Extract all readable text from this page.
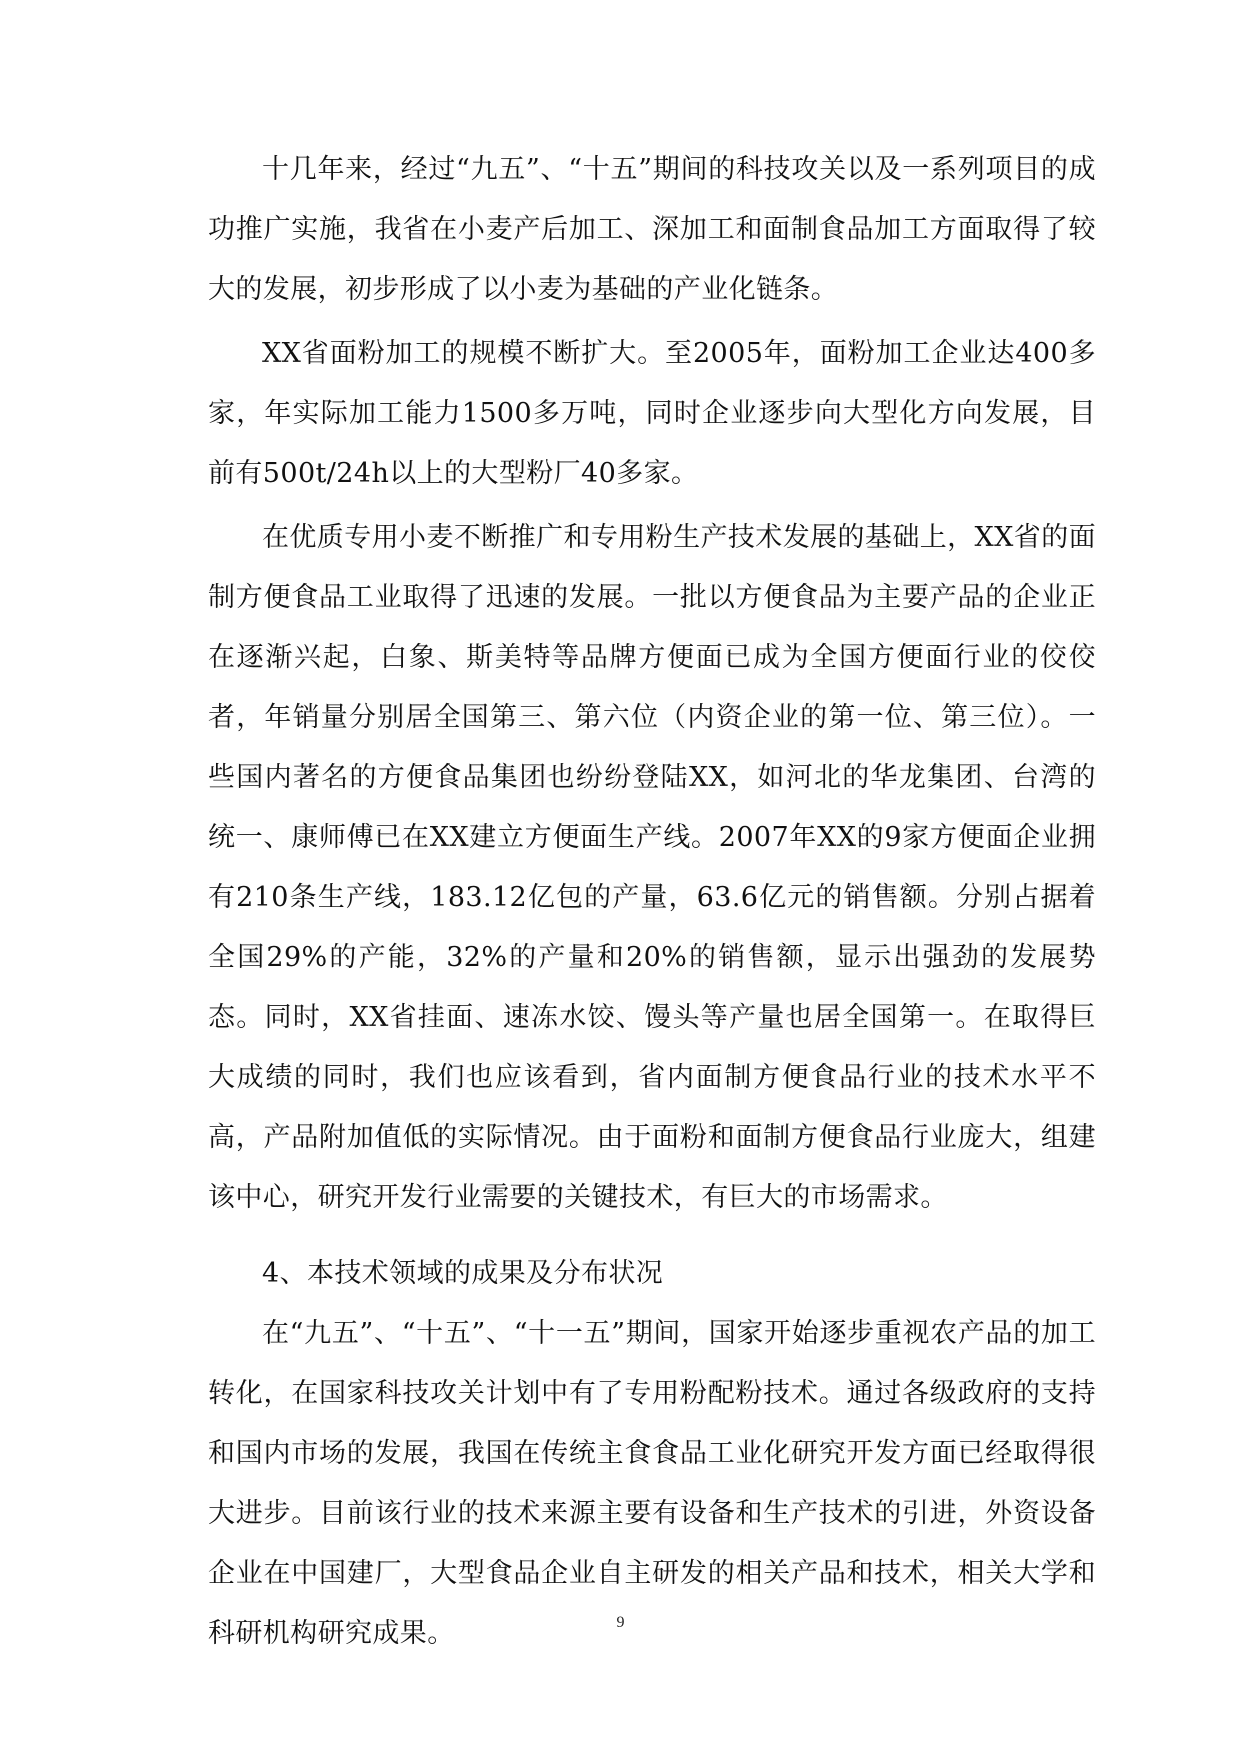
十几年来，经过“九五”、“十五”期间的科技攻关以及一系列项目的成功推广实施，我省在小麦产后加工、深加工和面制食品加工方面取得了较大的发展，初步形成了以小麦为基础的产业化链条。

XX省面粉加工的规模不断扩大。至2005年，面粉加工企业达400多家，年实际加工能力1500多万吨，同时企业逐步向大型化方向发展，目前有500t/24h以上的大型粉厂40多家。

在优质专用小麦不断推广和专用粉生产技术发展的基础上，XX省的面制方便食品工业取得了迅速的发展。一批以方便食品为主要产品的企业正在逐渐兴起，白象、斯美特等品牌方便面已成为全国方便面行业的佼佼者，年销量分别居全国第三、第六位（内资企业的第一位、第三位）。一些国内著名的方便食品集团也纷纷登陆XX，如河北的华龙集团、台湾的统一、康师傅已在XX建立方便面生产线。2007年XX的9家方便面企业拥有210条生产线，183.12亿包的产量，63.6亿元的销售额。分别占据着全国29%的产能，32%的产量和20%的销售额，显示出强劲的发展势态。同时，XX省挂面、速冻水饺、馒头等产量也居全国第一。在取得巨大成绩的同时，我们也应该看到，省内面制方便食品行业的技术水平不高，产品附加值低的实际情况。由于面粉和面制方便食品行业庞大，组建该中心，研究开发行业需要的关键技术，有巨大的市场需求。

4、本技术领域的成果及分布状况

在“九五”、“十五”、“十一五”期间，国家开始逐步重视农产品的加工转化，在国家科技攻关计划中有了专用粉配粉技术。通过各级政府的支持和国内市场的发展，我国在传统主食食品工业化研究开发方面已经取得很大进步。目前该行业的技术来源主要有设备和生产技术的引进，外资设备企业在中国建厂，大型食品企业自主研发的相关产品和技术，相关大学和科研机构研究成果。	9
